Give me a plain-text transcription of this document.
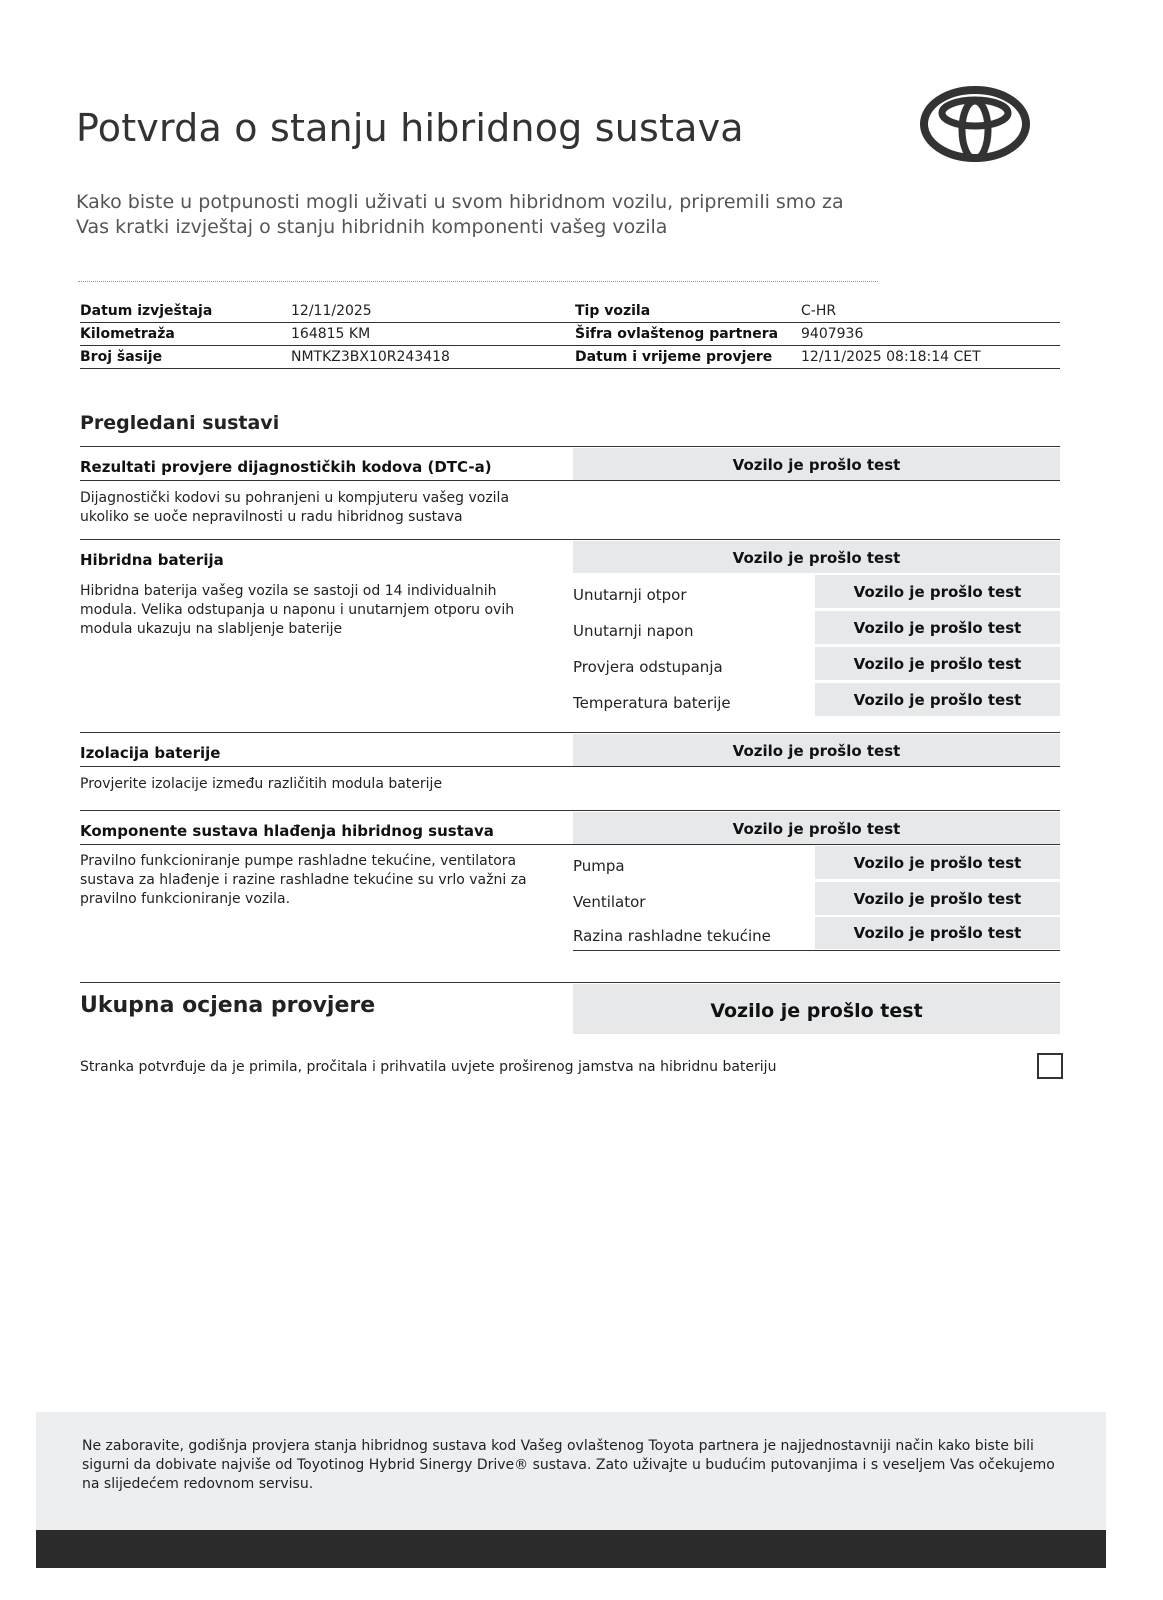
Potvrda o stanju hibridnog sustava
Kako biste u potpunosti mogli uživati u svom hibridnom vozilu, pripremili smo za Vas kratki izvještaj o stanju hibridnih komponenti vašeg vozila
Datum izvještaja	12/11/2025	Tip vozila	C-HR
Kilometraža	164815 KM	Šifra ovlaštenog partnera 9407936
Broj šasije	NMTKZ3BX10R243418	Datum i vrijeme provjere 12/11/2025 08:18:14 CET
Pregledani sustavi
Rezultati provjere dijagnostičkih kodova (DTC-a)	Vozilo je prošlo test
Dijagnostički kodovi su pohranjeni u kompjuteru vašeg vozila ukoliko se uoče nepravilnosti u radu hibridnog sustava
Hibridna baterija	Vozilo je prošlo test
Hibridna baterija vašeg vozila se sastoji od 14 individualnih modula. Velika odstupanja u naponu i unutarnjem otporu ovih modula ukazuju na slabljenje baterije
Unutarnji otpor	Vozilo je prošlo test
Unutarnji napon	Vozilo je prošlo test
Provjera odstupanja	Vozilo je prošlo test
Temperatura baterije	Vozilo je prošlo test
Izolacija baterije	Vozilo je prošlo test
Provjerite izolacije između različitih modula baterije
Komponente sustava hlađenja hibridnog sustava	Vozilo je prošlo test
Pravilno funkcioniranje pumpe rashladne tekućine, ventilatora sustava za hlađenje i razine rashladne tekućine su vrlo važni za pravilno funkcioniranje vozila.
Pumpa	Vozilo je prošlo test
Ventilator	Vozilo je prošlo test
Razina rashladne tekućine	Vozilo je prošlo test
Ukupna ocjena provjere	Vozilo je prošlo test
Stranka potvrđuje da je primila, pročitala i prihvatila uvjete proširenog jamstva na hibridnu bateriju
Ne zaboravite, godišnja provjera stanja hibridnog sustava kod Vašeg ovlaštenog Toyota partnera je najjednostavniji način kako biste bili sigurni da dobivate najviše od Toyotinog Hybrid Sinergy Drive® sustava. Zato uživajte u budućim putovanjima i s veseljem Vas očekujemo na slijedećem redovnom servisu.
